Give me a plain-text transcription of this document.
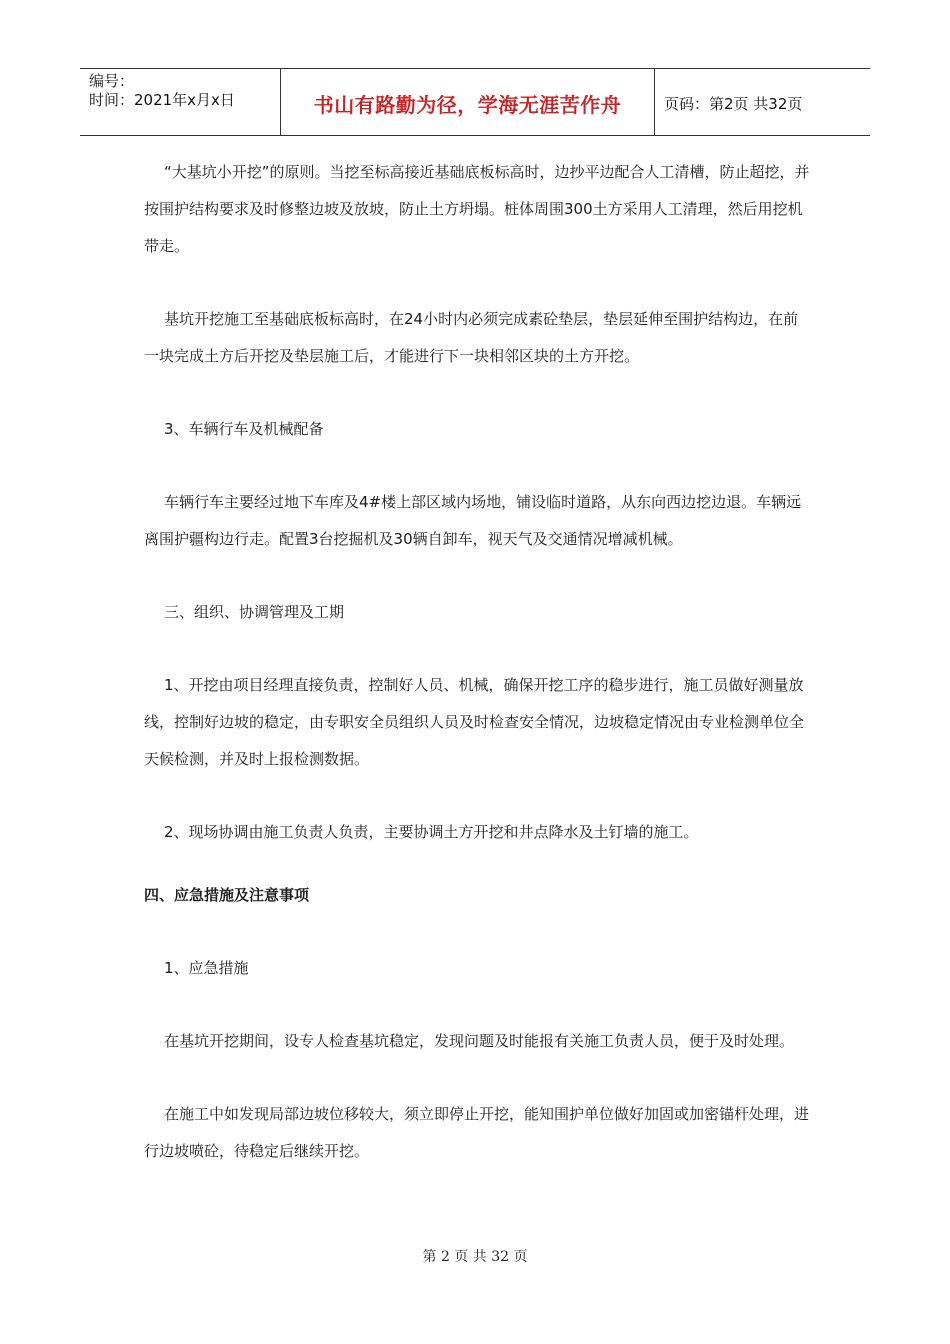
编号：
时间：2021年x月x日	书山有路勤为径，学海无涯苦作舟	页码：第2页 共32页

“大基坑小开挖”的原则。当挖至标高接近基础底板标高时，边抄平边配合人工清槽，防止超挖，并按围护结构要求及时修整边坡及放坡，防止土方坍塌。桩体周围300土方采用人工清理，然后用挖机带走。

基坑开挖施工至基础底板标高时，在24小时内必须完成素砼垫层，垫层延伸至围护结构边，在前一块完成土方后开挖及垫层施工后，才能进行下一块相邻区块的土方开挖。

3、车辆行车及机械配备

车辆行车主要经过地下车库及4#楼上部区域内场地，铺设临时道路，从东向西边挖边退。车辆远离围护疆构边行走。配置3台挖掘机及30辆自卸车，视天气及交通情况增减机械。

三、组织、协调管理及工期

1、开挖由项目经理直接负责，控制好人员、机械，确保开挖工序的稳步进行，施工员做好测量放线，控制好边坡的稳定，由专职安全员组织人员及时检查安全情况，边坡稳定情况由专业检测单位全天候检测，并及时上报检测数据。

2、现场协调由施工负责人负责，主要协调土方开挖和井点降水及土钉墙的施工。

四、应急措施及注意事项

1、应急措施

在基坑开挖期间，设专人检查基坑稳定，发现问题及时能报有关施工负责人员，便于及时处理。

在施工中如发现局部边坡位移较大，须立即停止开挖，能知围护单位做好加固或加密锚杆处理，进行边坡喷砼，待稳定后继续开挖。

第 2 页 共 32 页
